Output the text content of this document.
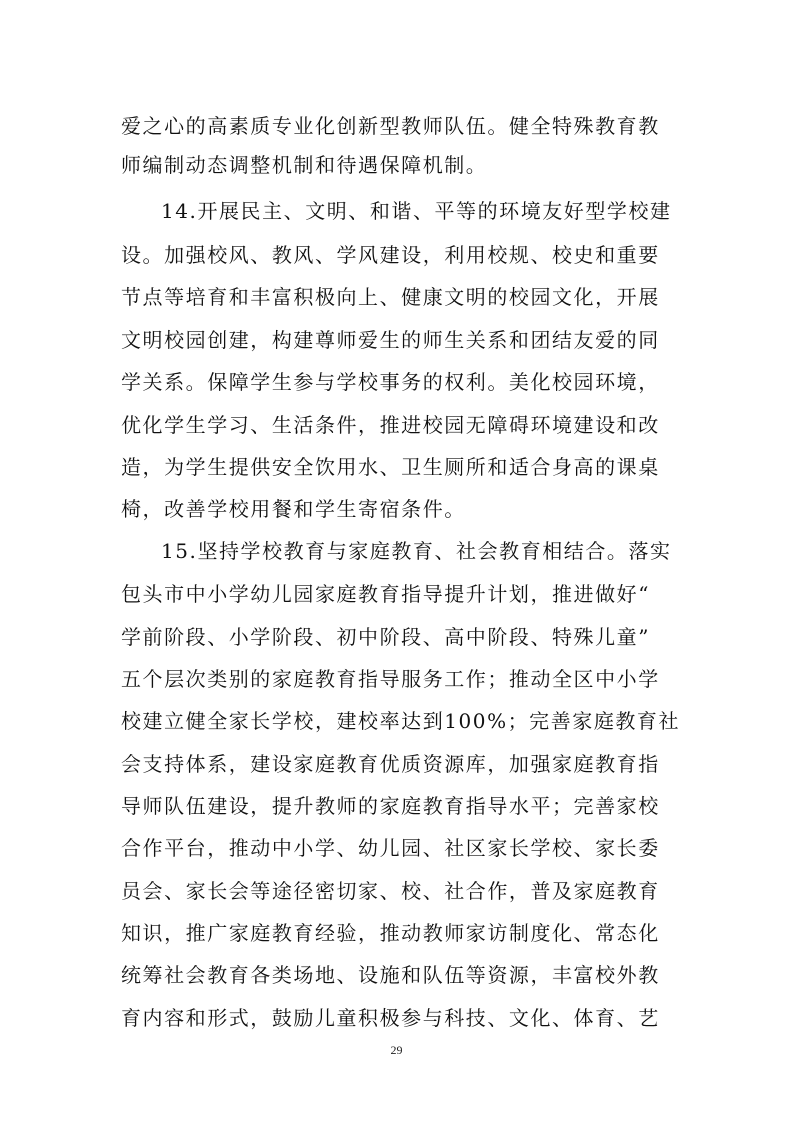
爱之心的高素质专业化创新型教师队伍。健全特殊教育教
师编制动态调整机制和待遇保障机制。
14.开展民主、文明、和谐、平等的环境友好型学校建
设。加强校风、教风、学风建设，利用校规、校史和重要
节点等培育和丰富积极向上、健康文明的校园文化，开展
文明校园创建，构建尊师爱生的师生关系和团结友爱的同
学关系。保障学生参与学校事务的权利。美化校园环境，
优化学生学习、生活条件，推进校园无障碍环境建设和改
造，为学生提供安全饮用水、卫生厕所和适合身高的课桌
椅，改善学校用餐和学生寄宿条件。
15.坚持学校教育与家庭教育、社会教育相结合。落实
包头市中小学幼儿园家庭教育指导提升计划，推进做好“
学前阶段、小学阶段、初中阶段、高中阶段、特殊儿童”
五个层次类别的家庭教育指导服务工作；推动全区中小学
校建立健全家长学校，建校率达到100%；完善家庭教育社
会支持体系，建设家庭教育优质资源库，加强家庭教育指
导师队伍建设，提升教师的家庭教育指导水平；完善家校
合作平台，推动中小学、幼儿园、社区家长学校、家长委
员会、家长会等途径密切家、校、社合作，普及家庭教育
知识，推广家庭教育经验，推动教师家访制度化、常态化
统筹社会教育各类场地、设施和队伍等资源，丰富校外教
育内容和形式，鼓励儿童积极参与科技、文化、体育、艺
29
